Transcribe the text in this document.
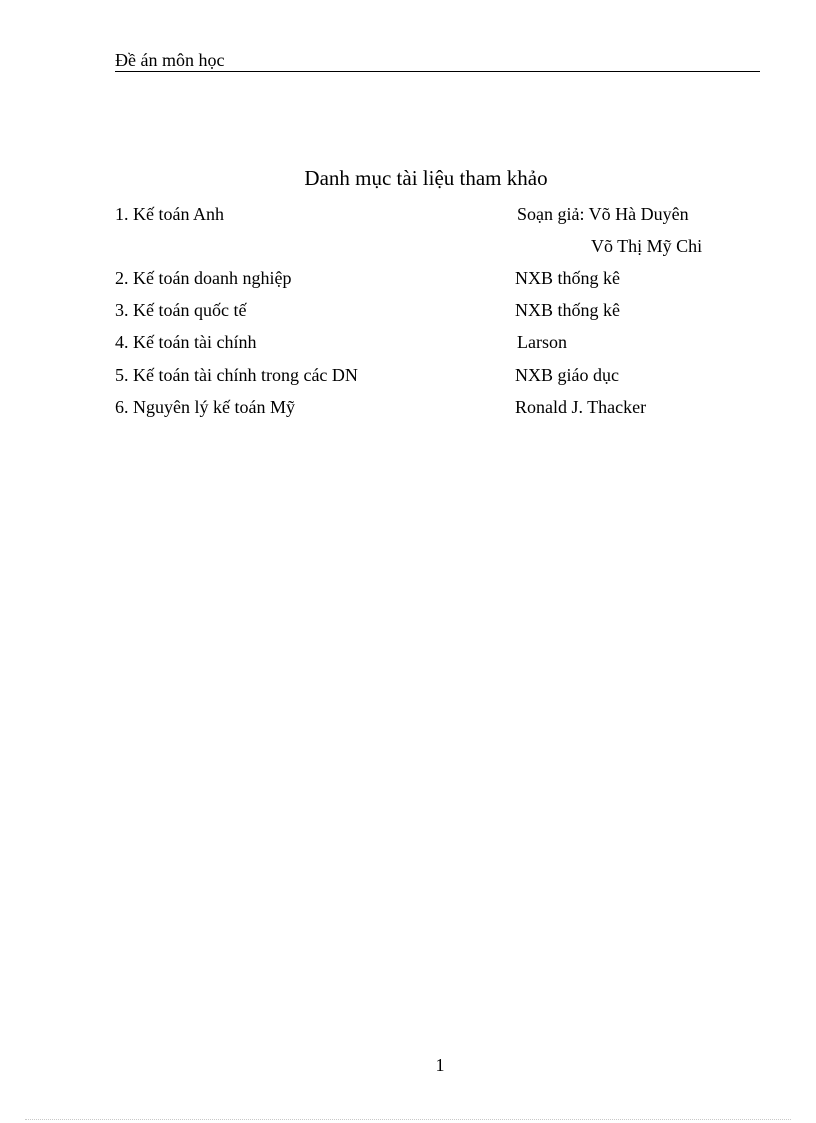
Đề án môn học
Danh mục tài liệu tham khảo
1. Kế toán Anh	Soạn giả: Võ Hà Duyên
Võ Thị Mỹ Chi
2. Kế toán doanh nghiệp	NXB thống kê
3. Kế toán quốc tế	NXB thống kê
4. Kế toán tài chính	Larson
5. Kế toán tài chính trong các DN	NXB giáo dục
6. Nguyên lý kế toán Mỹ	Ronald J. Thacker
1
